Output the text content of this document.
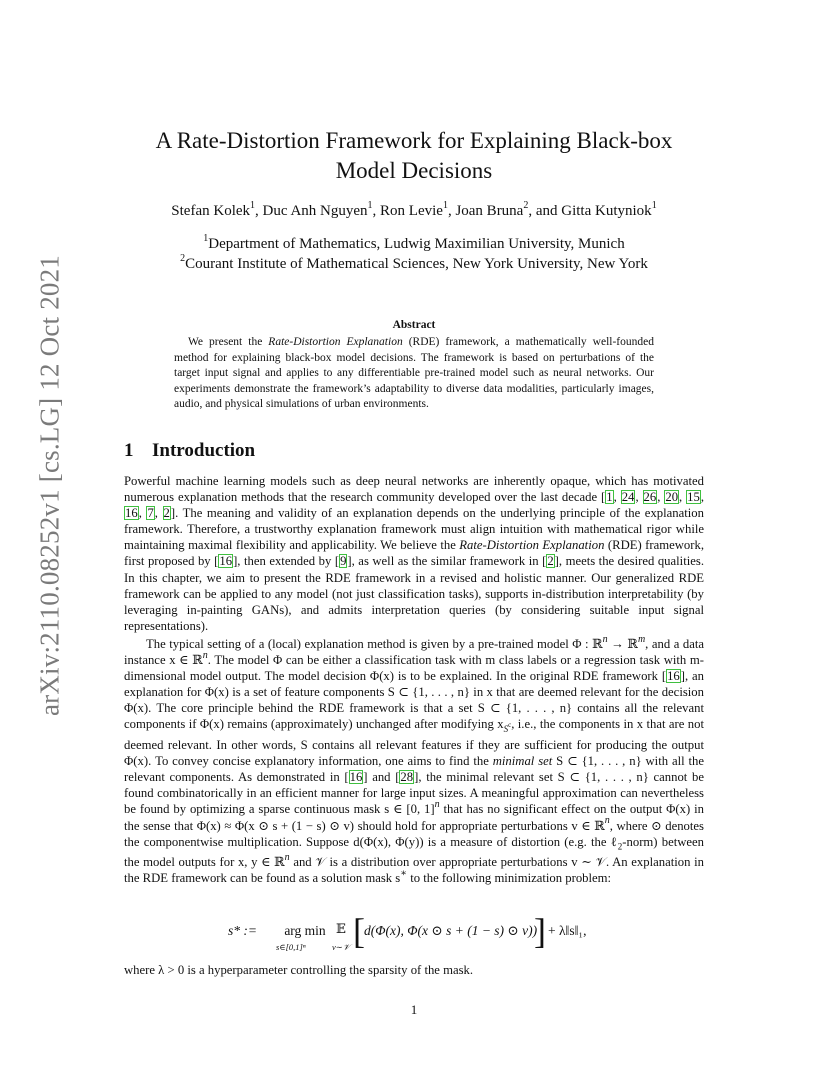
arXiv:2110.08252v1 [cs.LG] 12 Oct 2021
A Rate-Distortion Framework for Explaining Black-box
Model Decisions
Stefan Kolek$^1$, Duc Anh Nguyen$^1$, Ron Levie$^1$, Joan Bruna$^2$, and Gitta Kutyniok$^1$
$^1$Department of Mathematics, Ludwig Maximilian University, Munich
$^2$Courant Institute of Mathematical Sciences, New York University, New York
Abstract
We present the Rate-Distortion Explanation (RDE) framework, a mathematically well-founded method for explaining black-box model decisions. The framework is based on perturbations of the target input signal and applies to any differentiable pre-trained model such as neural networks. Our experiments demonstrate the framework’s adaptability to diverse data modalities, particularly images, audio, and physical simulations of urban environments.
1 Introduction
Powerful machine learning models such as deep neural networks are inherently opaque, which has motivated numerous explanation methods that the research community developed over the last decade [1, 24, 26, 20, 15, 16, 7, 2]. The meaning and validity of an explanation depends on the underlying principle of the explanation framework. Therefore, a trustworthy explanation framework must align intuition with mathematical rigor while maintaining maximal flexibility and applicability. We believe the Rate-Distortion Explanation (RDE) framework, first proposed by [16], then extended by [9], as well as the similar framework in [2], meets the desired qualities. In this chapter, we aim to present the RDE framework in a revised and holistic manner. Our generalized RDE framework can be applied to any model (not just classification tasks), supports in-distribution interpretability (by leveraging in-painting GANs), and admits interpretation queries (by considering suitable input signal representations).
The typical setting of a (local) explanation method is given by a pre-trained model Φ : ℝ$^n$ → ℝ$^m$, and a data instance x ∈ ℝ$^n$. The model Φ can be either a classification task with m class labels or a regression task with m-dimensional model output. The model decision Φ(x) is to be explained. In the original RDE framework [16], an explanation for Φ(x) is a set of feature components S ⊂ {1, . . . , n} in x that are deemed relevant for the decision Φ(x). The core principle behind the RDE framework is that a set S ⊂ {1, . . . , n} contains all the relevant components if Φ(x) remains (approximately) unchanged after modifying $x_{S^c}$, i.e., the components in x that are not deemed relevant. In other words, S contains all relevant features if they are sufficient for producing the output Φ(x). To convey concise explanatory information, one aims to find the minimal set S ⊂ {1, . . . , n} with all the relevant components. As demonstrated in [16] and [28], the minimal relevant set S ⊂ {1, . . . , n} cannot be found combinatorically in an efficient manner for large input sizes. A meaningful approximation can nevertheless be found by optimizing a sparse continuous mask s ∈ [0, 1]$^n$ that has no significant effect on the output Φ(x) in the sense that Φ(x) ≈ Φ(x ⊙ s + (1 − s) ⊙ v) should hold for appropriate perturbations v ∈ ℝ$^n$, where ⊙ denotes the componentwise multiplication. Suppose d(Φ(x), Φ(y)) is a measure of distortion (e.g. the ℓ$_2$-norm) between the model outputs for x, y ∈ ℝ$^n$ and 𝒱 is a distribution over appropriate perturbations v ∼ 𝒱. An explanation in the RDE framework can be found as a solution mask s∗ to the following minimization problem:
s* :=	arg min
s∈[0,1]ⁿ
𝔼
v∼𝒱 [ d(Φ(x), Φ(x ⊙ s + (1 − s) ⊙ v))
] + λ‖s‖₁,
where λ > 0 is a hyperparameter controlling the sparsity of the mask.
1
